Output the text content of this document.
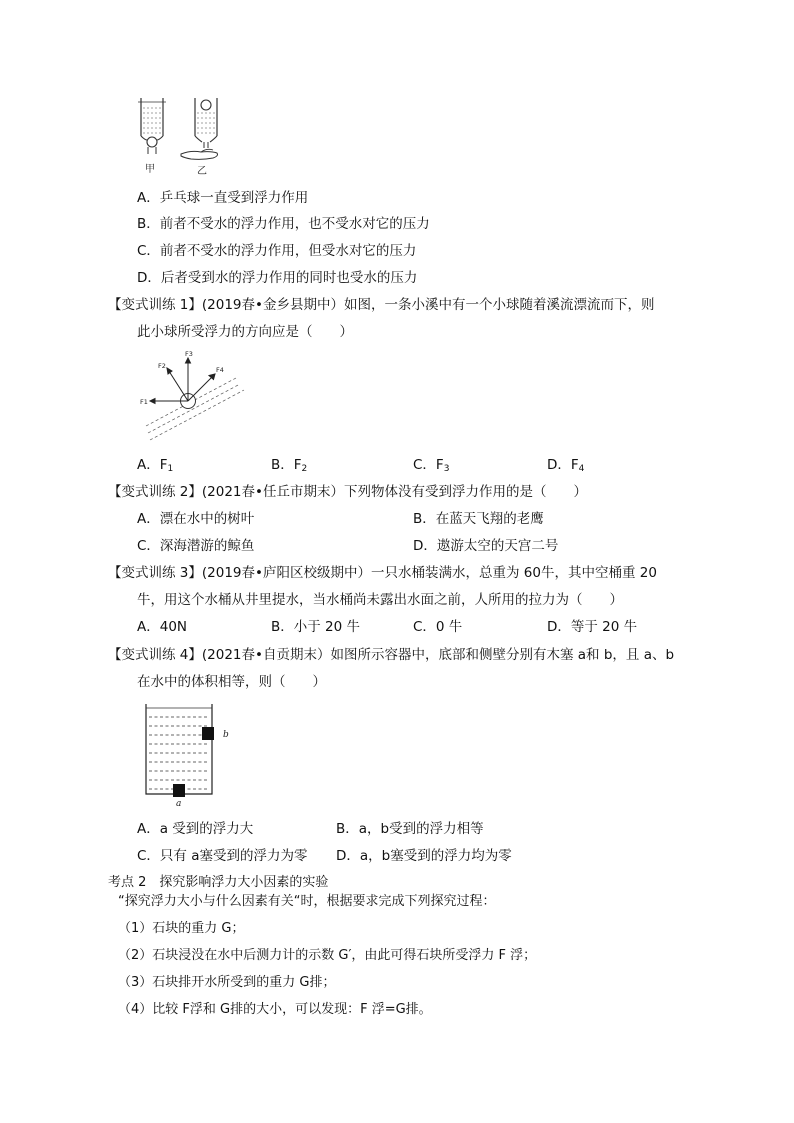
甲	乙
A．乒乓球一直受到浮力作用
B．前者不受水的浮力作用，也不受水对它的压力
C．前者不受水的浮力作用，但受水对它的压力
D．后者受到水的浮力作用的同时也受水的压力
【变式训练 1】(2019春•金乡县期中）如图，一条小溪中有一个小球随着溪流漂流而下，则
此小球所受浮力的方向应是（　　）
F1
F2
F3
F4
A．$F_1$	B．$F_2$	C．$F_3$	D．$F_4$
【变式训练 2】(2021春•任丘市期末）下列物体没有受到浮力作用的是（　　）
A．漂在水中的树叶	B．在蓝天飞翔的老鹰
C．深海潜游的鲸鱼	D．遨游太空的天宫二号
【变式训练 3】(2019春•庐阳区校级期中）一只水桶装满水，总重为 60牛，其中空桶重 20
牛，用这个水桶从井里提水，当水桶尚未露出水面之前，人所用的拉力为（　　）
A．40N	B．小于 20 牛	C．0 牛	D．等于 20 牛
【变式训练 4】(2021春•自贡期末）如图所示容器中，底部和侧壁分别有木塞 a和 b，且 a、b
在水中的体积相等，则（　　）
b
a
A．a 受到的浮力大	B．a，b受到的浮力相等
C．只有 a塞受到的浮力为零 D．a，b塞受到的浮力均为零
考点 2　探究影响浮力大小因素的实验
“探究浮力大小与什么因素有关“时，根据要求完成下列探究过程：
（1）石块的重力 G；
（2）石块浸没在水中后测力计的示数 G′，由此可得石块所受浮力 F 浮；
（3）石块排开水所受到的重力 G排；
（4）比较 F浮和 G排的大小，可以发现：F 浮=G排。
